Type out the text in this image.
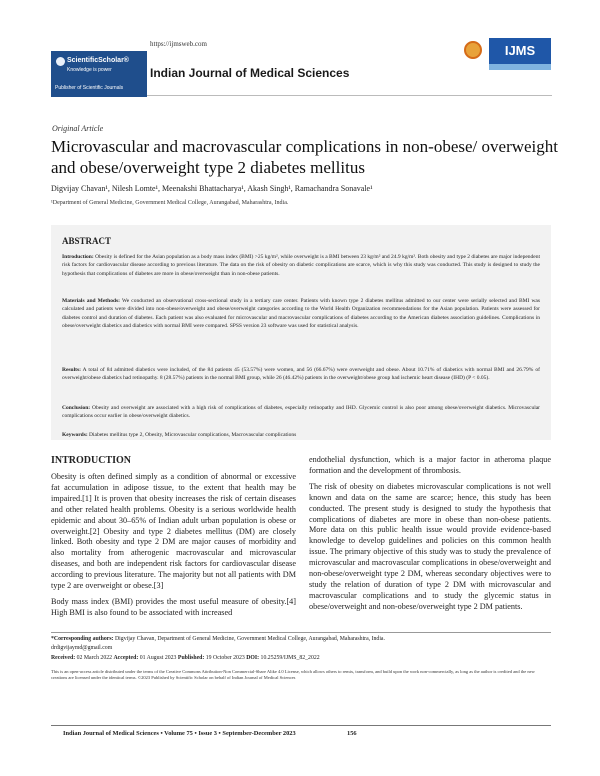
https://ijmsweb.com
ScientificScholar®
Knowledge is power
Publisher of Scientific Journals
Indian Journal of Medical Sciences
IJMS
Original Article
Microvascular and macrovascular complications in non-obese/ overweight and obese/overweight type 2 diabetes mellitus
Digvijay Chavan¹, Nilesh Lomte¹, Meenakshi Bhattacharya¹, Akash Singh¹, Ramachandra Sonavale¹
¹Department of General Medicine, Government Medical College, Aurangabad, Maharashtra, India.
ABSTRACT
Introduction: Obesity is defined for the Asian population as a body mass index (BMI) >25 kg/m², while overweight is a BMI between 23 kg/m² and 24.9 kg/m². Both obesity and type 2 diabetes are major independent risk factors for cardiovascular disease according to previous literature. The data on the risk of obesity on diabetic complications are scarce, which is why this study was conducted. This study is designed to study the hypothesis that complications of diabetes are more in obese/overweight than in non-obese patients.
Materials and Methods: We conducted an observational cross-sectional study in a tertiary care center. Patients with known type 2 diabetes mellitus admitted to our center were serially selected and BMI was calculated and patients were divided into non-obese/overweight and obese/overweight categories according to the World Health Organization recommendations for the Asian population. Patients were assessed for diabetes control and duration of diabetes. Each patient was also evaluated for microvascular and macrovascular complications of diabetes according to the American diabetes association guidelines. Complications in obese/overweight diabetics and diabetics with normal BMI were compared. SPSS version 23 software was used for statistical analysis.
Results: A total of 84 admitted diabetics were included, of the 84 patients 45 (53.57%) were women, and 56 (66.67%) were overweight and obese. About 10.71% of diabetics with normal BMI and 26.79% of overweight/obese diabetics had retinopathy. 8 (28.57%) patients in the normal BMI group, while 26 (46.42%) patients in the overweight/obese group had ischemic heart disease (IHD) (P < 0.05).
Conclusion: Obesity and overweight are associated with a high risk of complications of diabetes, especially retinopathy and IHD. Glycemic control is also poor among obese/overweight diabetics. Microvascular complications occur earlier in obese/overweight diabetics.
Keywords: Diabetes mellitus type 2, Obesity, Microvascular complications, Macrovascular complications
INTRODUCTION

Obesity is often defined simply as a condition of abnormal or excessive fat accumulation in adipose tissue, to the extent that health may be impaired.[1] It is proven that obesity increases the risk of certain diseases and other related health problems. Obesity is a serious worldwide health epidemic and about 30–65% of Indian adult urban population is obese or overweight.[2] Obesity and type 2 diabetes mellitus (DM) are closely linked. Both obesity and type 2 DM are major causes of morbidity and also mortality from atherogenic macrovascular and microvascular diseases, and both are independent risk factors for cardiovascular disease according to previous literature. The majority but not all patients with DM type 2 are overweight or obese.[3]

Body mass index (BMI) provides the most useful measure of obesity.[4] High BMI is also found to be associated with increased

endothelial dysfunction, which is a major factor in atheroma plaque formation and the development of thrombosis.

The risk of obesity on diabetes microvascular complications is not well known and data on the same are scarce; hence, this study has been conducted. The present study is designed to study the hypothesis that complications of diabetes are more in obese than non-obese patients. More data on this public health issue would provide evidence-based knowledge to develop guidelines and policies on this common health issue. The primary objective of this study was to study the prevalence of microvascular and macrovascular complications in obese/overweight and non-obese/overweight type 2 DM, whereas secondary objectives were to study the relation of duration of type 2 DM with microvascular and macrovascular complications and to study the glycemic status in obese/overweight and non-obese/overweight type 2 DM patients.

*Corresponding authors: Digvijay Chavan, Department of General Medicine, Government Medical College, Aurangabad, Maharashtra, India.
drdigvijaymd@gmail.com
Received: 02 March 2022 Accepted: 01 August 2023 Published: 19 October 2023 DOI: 10.25259/IJMS_82_2022
This is an open-access article distributed under the terms of the Creative Commons Attribution-Non Commercial-Share Alike 4.0 License, which allows others to remix, transform, and build upon the work non-commercially, as long as the author is credited and the new creations are licensed under the identical terms. ©2023 Published by Scientific Scholar on behalf of Indian Journal of Medical Sciences
Indian Journal of Medical Sciences • Volume 75 • Issue 3 • September-December 2023	156
